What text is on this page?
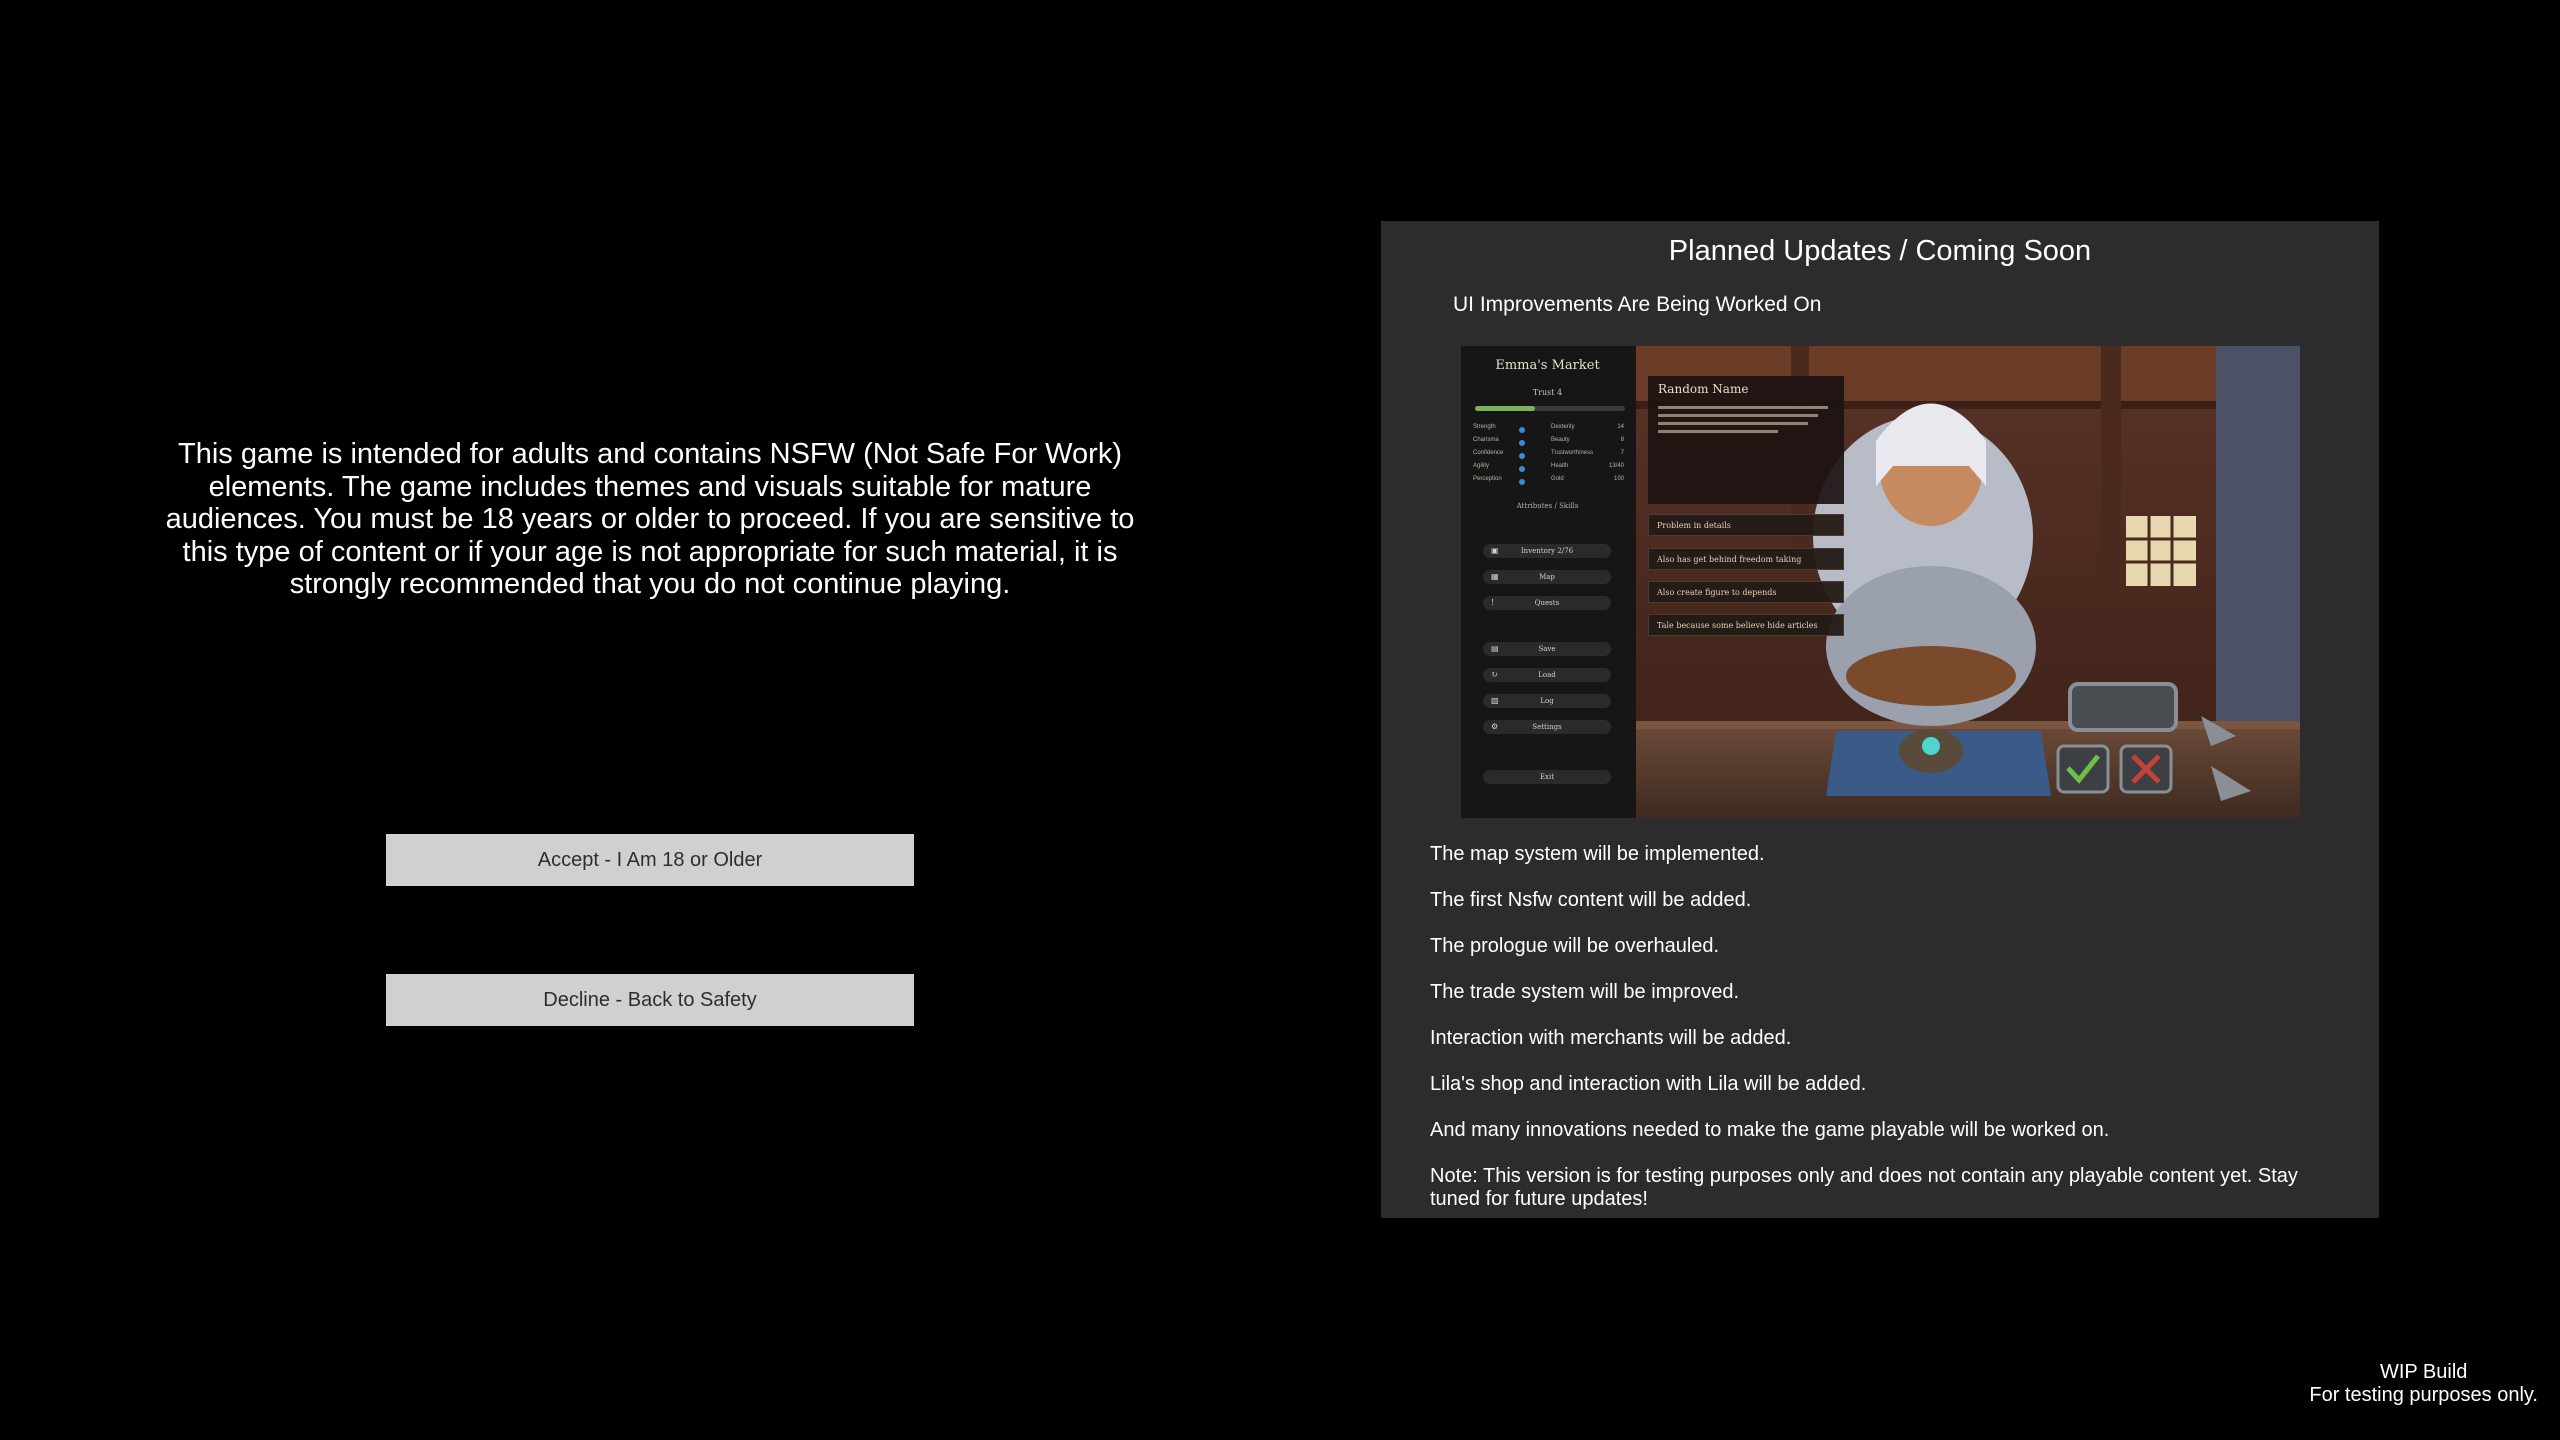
This game is intended for adults and contains NSFW (Not Safe For Work) elements. The game includes themes and visuals suitable for mature audiences. You must be 18 years or older to proceed. If you are sensitive to this type of content or if your age is not appropriate for such material, it is strongly recommended that you do not continue playing.
Accept - I Am 18 or Older
Decline - Back to Safety
Planned Updates / Coming Soon
UI Improvements Are Being Worked On
Emma's Market
Trust 4
Strength	Dexterity	14
Charisma	Beauty	8
Confidence	Trustworthiness	7
Agility	Health	13/40
Perception	Gold	100
Attributes / Skills
▣	Inventory 2/76
▦	Map
!	Quests
▤	Save
↻	Load
▧	Log
⚙	Settings
Exit
Random Name
Problem in details
Also has get behind freedom taking
Also create figure to depends
Tale because some believe hide articles

The map system will be implemented.

The first Nsfw content will be added.

The prologue will be overhauled.

The trade system will be improved.

Interaction with merchants will be added.

Lila's shop and interaction with Lila will be added.

And many innovations needed to make the game playable will be worked on.

Note: This version is for testing purposes only and does not contain any playable content yet. Stay tuned for future updates!

WIP Build
For testing purposes only.
